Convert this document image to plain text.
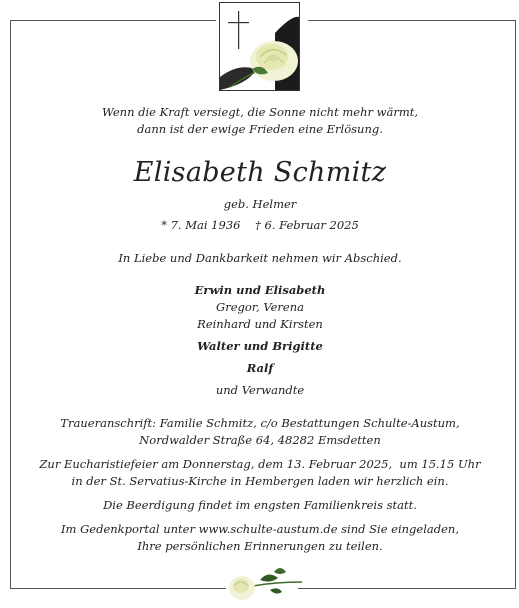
Wenn die Kraft versiegt, die Sonne nicht mehr wärmt,

dann ist der ewige Frieden eine Erlösung.

Elisabeth Schmitz

geb. Helmer

* 7. Mai 1936    † 6. Februar 2025

In Liebe und Dankbarkeit nehmen wir Abschied.

Erwin und Elisabeth

Gregor, Verena

Reinhard und Kirsten

Walter und Brigitte

Ralf

und Verwandte

Traueranschrift: Familie Schmitz, c/o Bestattungen Schulte-Austum,

Nordwalder Straße 64, 48282 Emsdetten

Zur Eucharistiefeier am Donnerstag, dem 13. Februar 2025,  um 15.15 Uhr

in der St. Servatius-Kirche in Hembergen laden wir herzlich ein.

Die Beerdigung findet im engsten Familienkreis statt.

Im Gedenkportal unter www.schulte-austum.de sind Sie eingeladen,

Ihre persönlichen Erinnerungen zu teilen.
